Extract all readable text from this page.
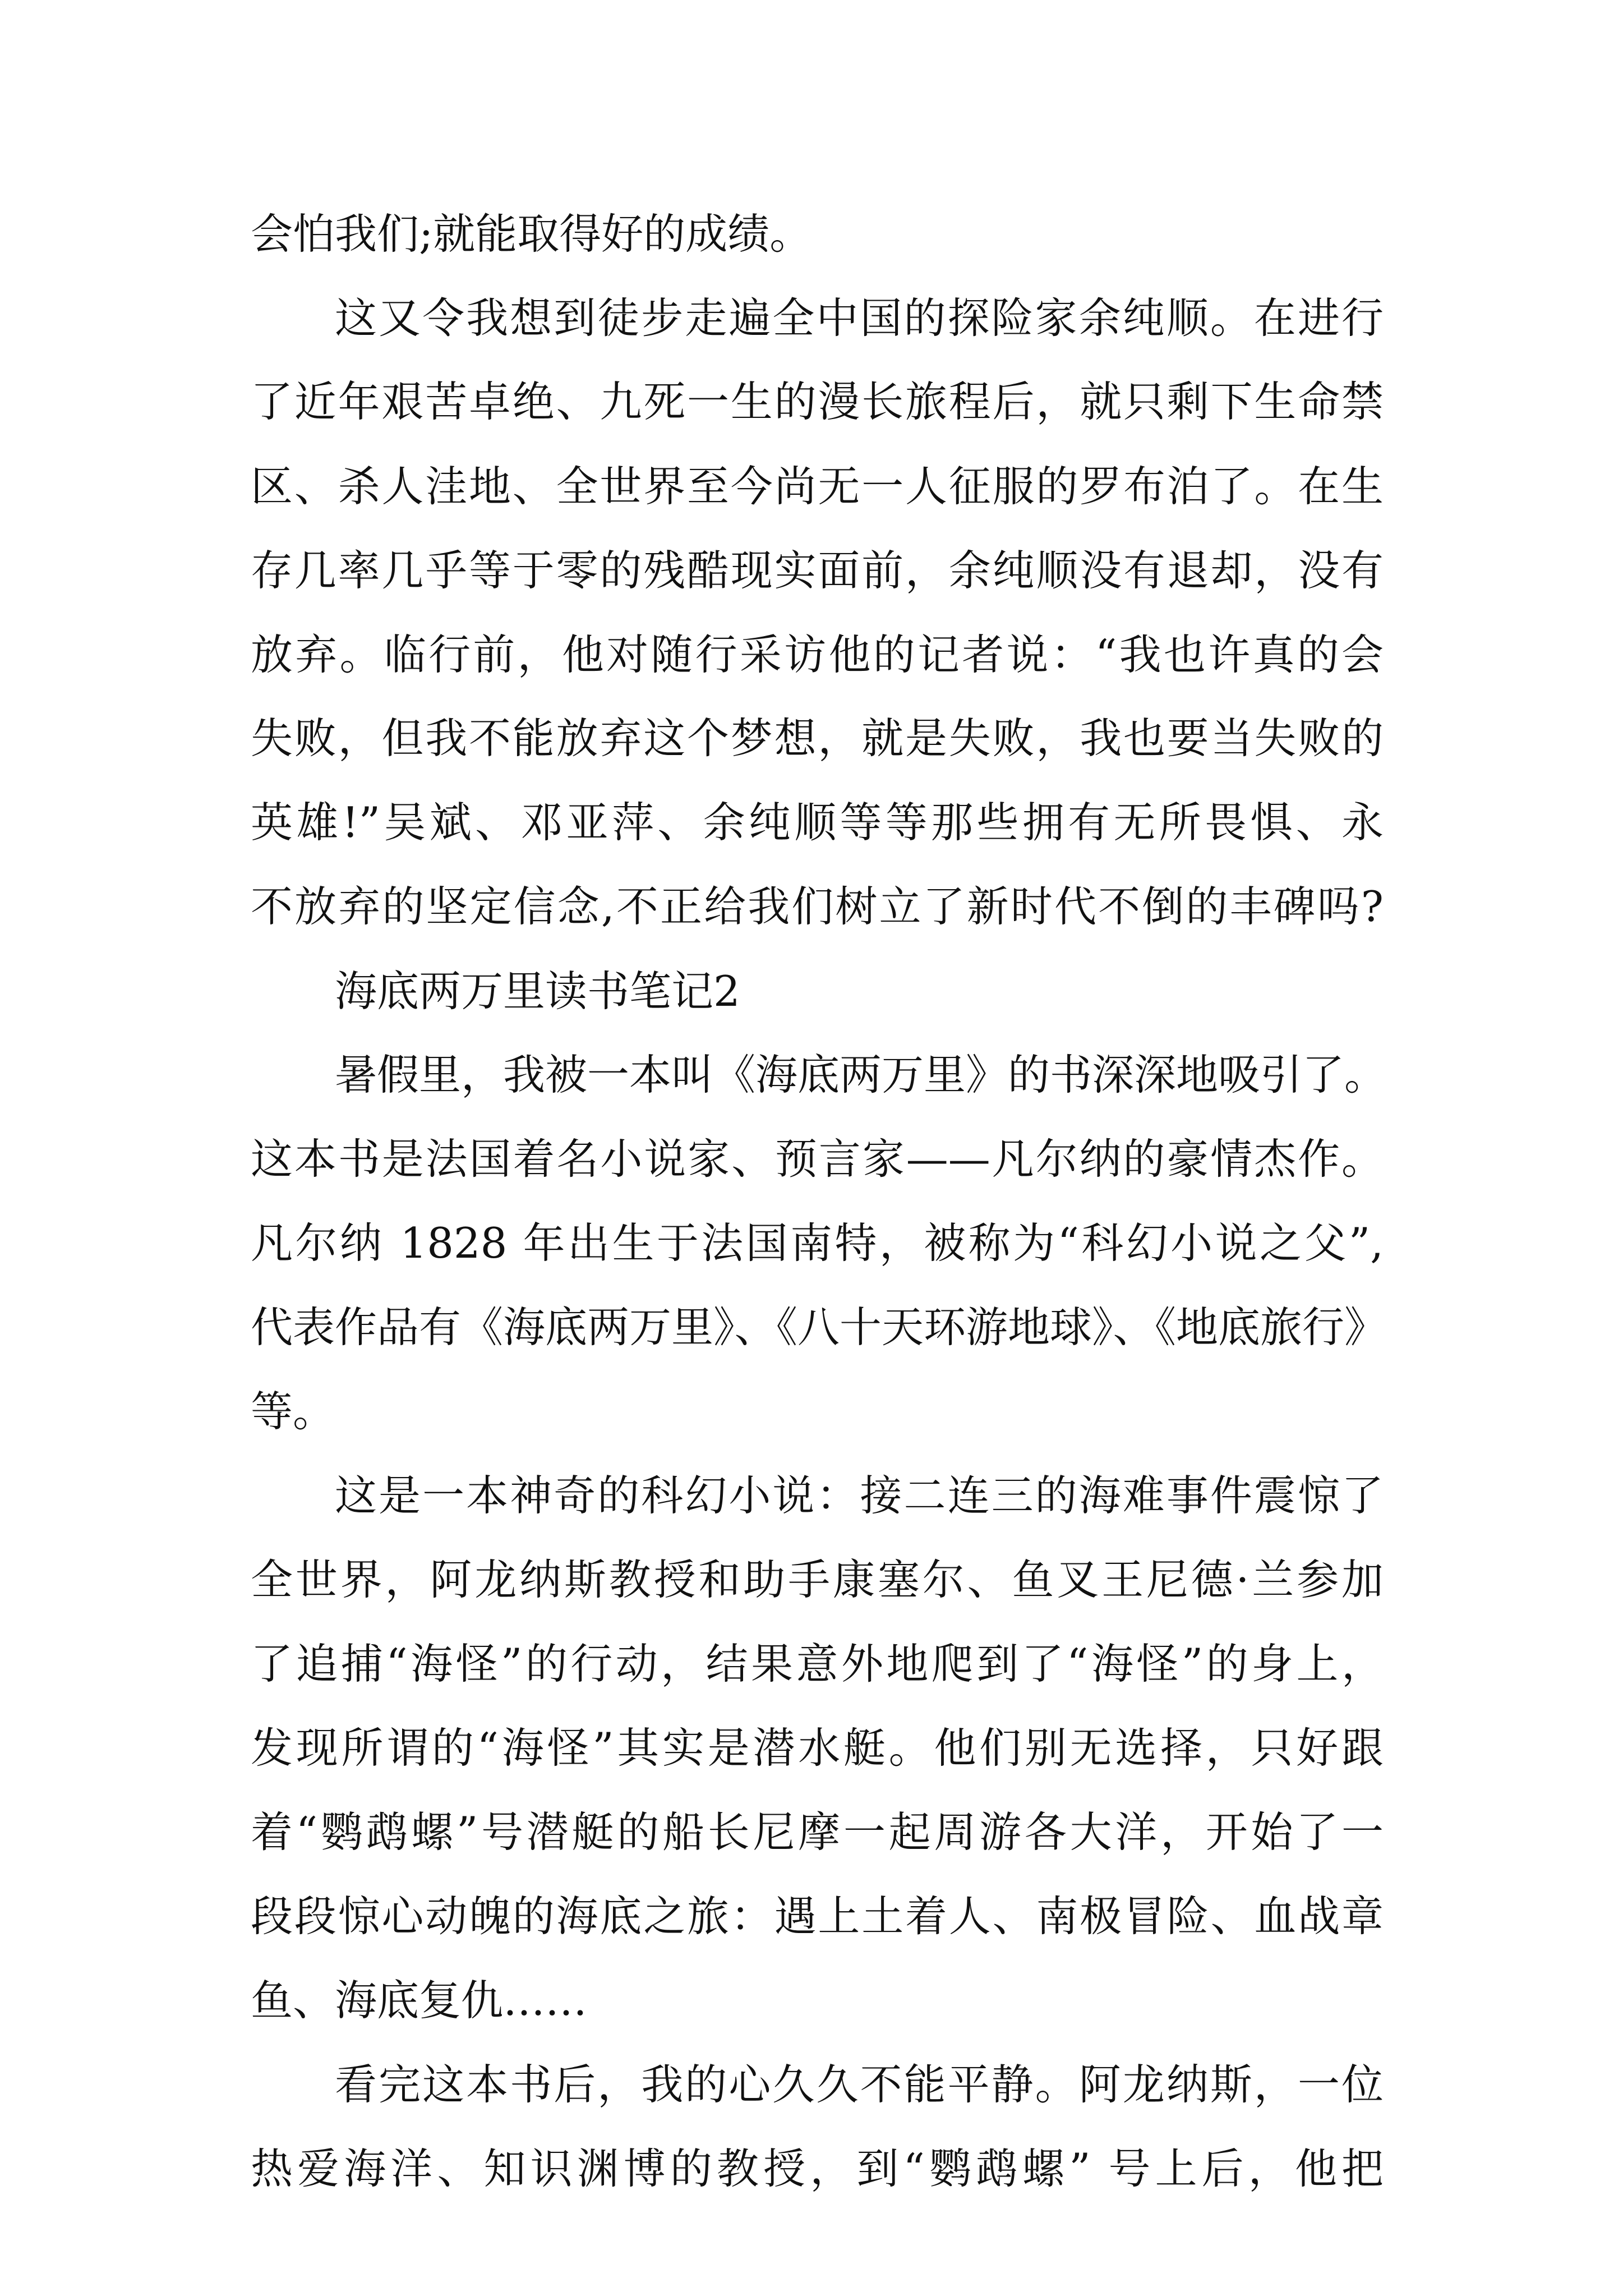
会怕我们;就能取得好的成绩。
这又令我想到徒步走遍全中国的探险家余纯顺。在进行
了近年艰苦卓绝、九死一生的漫长旅程后，就只剩下生命禁
区、杀人洼地、全世界至今尚无一人征服的罗布泊了。在生
存几率几乎等于零的残酷现实面前，余纯顺没有退却，没有
放弃。临行前，他对随行采访他的记者说：“我也许真的会
失败，但我不能放弃这个梦想，就是失败，我也要当失败的
英雄!”吴斌、邓亚萍、余纯顺等等那些拥有无所畏惧、永
不放弃的坚定信念,不正给我们树立了新时代不倒的丰碑吗?
海底两万里读书笔记2
暑假里，我被一本叫《海底两万里》的书深深地吸引了。
这本书是法国着名小说家、预言家——凡尔纳的豪情杰作。
凡尔纳 1828 年出生于法国南特，被称为“科幻小说之父”,
代表作品有《海底两万里》、《八十天环游地球》、《地底旅行》
等。
这是一本神奇的科幻小说：接二连三的海难事件震惊了
全世界，阿龙纳斯教授和助手康塞尔、鱼叉王尼德·兰参加
了追捕“海怪”的行动，结果意外地爬到了“海怪”的身上，
发现所谓的“海怪”其实是潜水艇。他们别无选择，只好跟
着“鹦鹉螺”号潜艇的船长尼摩一起周游各大洋，开始了一
段段惊心动魄的海底之旅：遇上土着人、南极冒险、血战章
鱼、海底复仇……
看完这本书后，我的心久久不能平静。阿龙纳斯，一位
热爱海洋、知识渊博的教授，到“鹦鹉螺” 号上后，他把
